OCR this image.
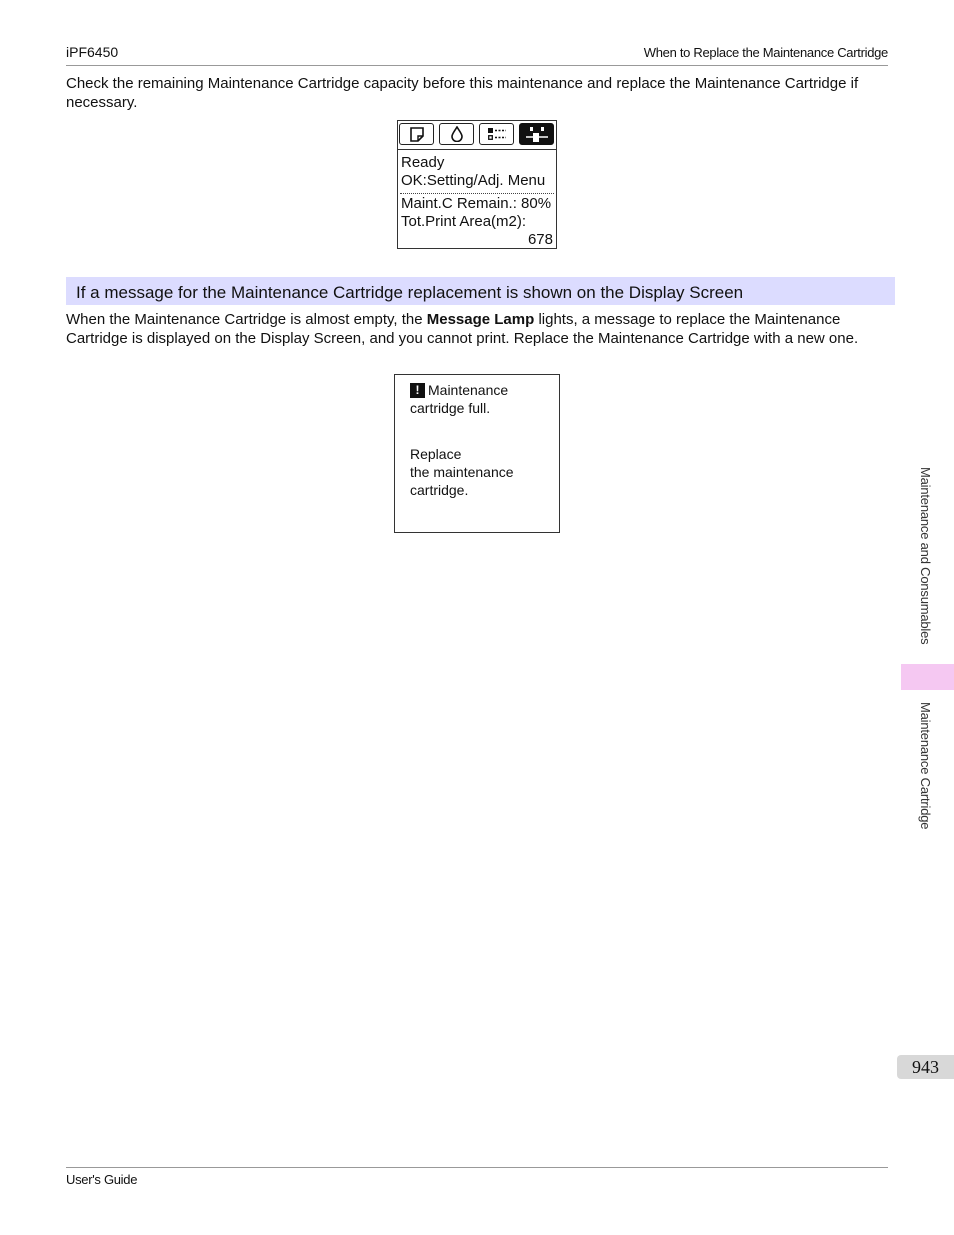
iPF6450	When to Replace the Maintenance Cartridge
Check the remaining Maintenance Cartridge capacity before this maintenance and replace the Maintenance Cartridge if necessary.
Ready
OK:Setting/Adj. Menu
Maint.C Remain.: 80%
Tot.Print Area(m2):
678
If a message for the Maintenance Cartridge replacement is shown on the Display Screen
When the Maintenance Cartridge is almost empty, the Message Lamp lights, a message to replace the Maintenance Cartridge is displayed on the Display Screen, and you cannot print. Replace the Maintenance Cartridge with a new one.
! Maintenance
cartridge full.
Replace
the maintenance
cartridge.	Maintenance and Consumables
Maintenance Cartridge
943
User's Guide
